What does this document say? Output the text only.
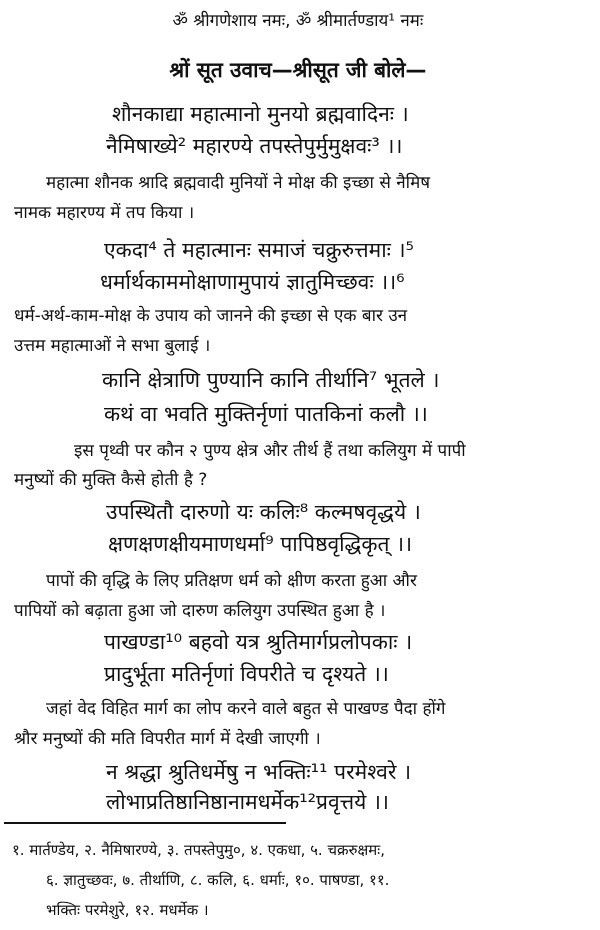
ॐ श्रीगणेशाय नमः, ॐ श्रीमार्तण्डाय¹ नमः

श्रों सूत उवाच—श्रीसूत जी बोले—

शौनकाद्या महात्मानो मुनयो ब्रह्मवादिनः ।

नैमिषाख्ये² महारण्ये तपस्तेपुर्मुमुक्षवः³ ।।

महात्मा शौनक श्रादि ब्रह्मवादी मुनियों ने मोक्ष की इच्छा से नैमिष

नामक महारण्य में तप किया ।

एकदा⁴ ते महात्मानः समाजं चक्रुरुत्तमाः ।⁵

धर्मार्थकाममोक्षाणामुपायं ज्ञातुमिच्छवः ।।⁶

धर्म-अर्थ-काम-मोक्ष के उपाय को जानने की इच्छा से एक बार उन

उत्तम महात्माओं ने सभा बुलाई ।

कानि क्षेत्राणि पुण्यानि कानि तीर्थानि⁷ भूतले ।

कथं वा भवति मुक्तिर्नृणां पातकिनां कलौ ।।

इस पृथ्वी पर कौन २ पुण्य क्षेत्र और तीर्थ हैं तथा कलियुग में पापी

मनुष्यों की मुक्ति कैसे होती है ?

उपस्थितौ दारुणो यः कलिः⁸ कल्मषवृद्धये ।

क्षणक्षणक्षीयमाणधर्मा⁹ पापिष्ठवृद्धिकृत् ।।

पापों की वृद्धि के लिए प्रतिक्षण धर्म को क्षीण करता हुआ और

पापियों को बढ़ाता हुआ जो दारुण कलियुग उपस्थित हुआ है ।

पाखण्डा¹⁰ बहवो यत्र श्रुतिमार्गप्रलोपकाः ।

प्रादुर्भूता मतिर्नृणां विपरीते च दृश्यते ।।

जहां वेद विहित मार्ग का लोप करने वाले बहुत से पाखण्ड पैदा होंगे

श्रौर मनुष्यों की मति विपरीत मार्ग में देखी जाएगी ।

न श्रद्धा श्रुतिधर्मेषु न भक्तिः¹¹ परमेश्वरे ।

लोभाप्रतिष्ठानिष्ठानामधर्मेक¹²प्रवृत्तये ।।

१. मार्तण्डेय, २. नैमिषारण्ये, ३. तपस्तेपुमु०, ४. एकधा, ५. चक्ररुक्षमः,

६. ज्ञातुच्छवः, ७. तीर्थाणि, ८. कलि, ६. धर्माः, १०. पाषण्डा, ११.

भक्तिः परमेशुरे, १२. मधर्मेक ।
